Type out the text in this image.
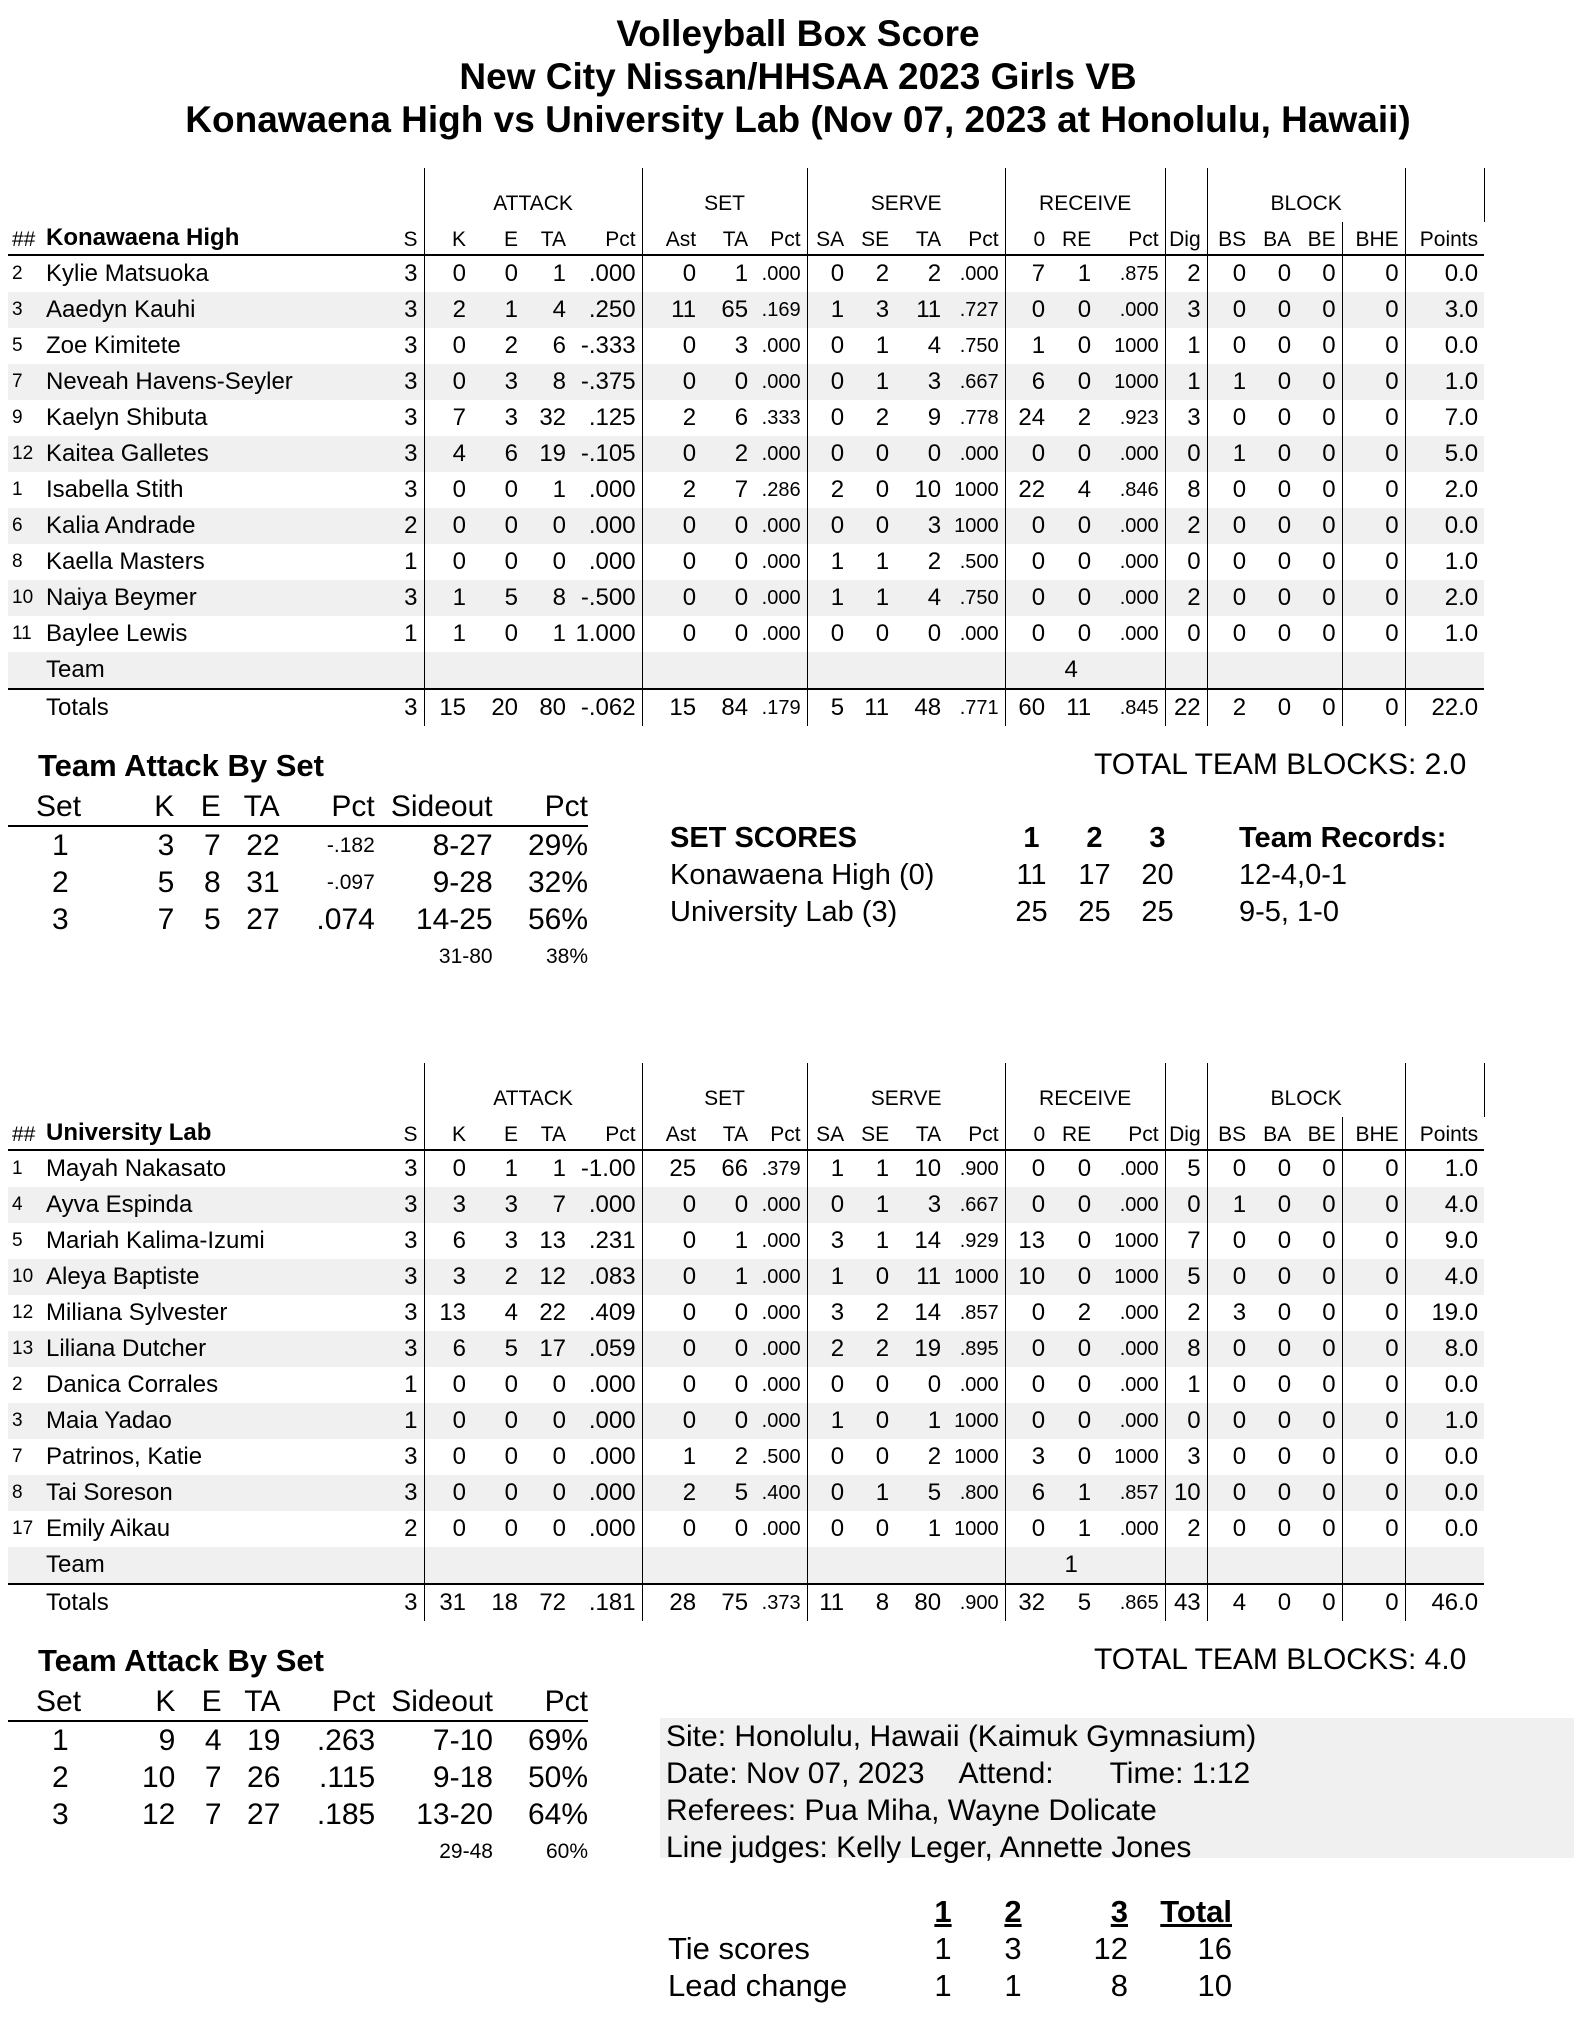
Volleyball Box Score
New City Nissan/HHSAA 2023 Girls VB
Konawaena High vs University Lab (Nov 07, 2023 at Honolulu, Hawaii)
			ATTACK				SET			SERVE				RECEIVE				BLOCK					
##	Konawaena High	S	K	E	TA	Pct	Ast	TA	Pct	SA	SE	TA	Pct	0	RE	Pct	Dig	BS	BA	BE	BHE	Points	
2	Kylie Matsuoka	3	0	0	1	.000	0	1	.000	0	2	2	.000	7	1	.875	2	0	0	0	0	0.0	
3	Aaedyn Kauhi	3	2	1	4	.250	11	65	.169	1	3	11	.727	0	0	.000	3	0	0	0	0	3.0	
5	Zoe Kimitete	3	0	2	6	-.333	0	3	.000	0	1	4	.750	1	0	1000	1	0	0	0	0	0.0	
7	Neveah Havens-Seyler	3	0	3	8	-.375	0	0	.000	0	1	3	.667	6	0	1000	1	1	0	0	0	1.0	
9	Kaelyn Shibuta	3	7	3	32	.125	2	6	.333	0	2	9	.778	24	2	.923	3	0	0	0	0	7.0	
12	Kaitea Galletes	3	4	6	19	-.105	0	2	.000	0	0	0	.000	0	0	.000	0	1	0	0	0	5.0	
1	Isabella Stith	3	0	0	1	.000	2	7	.286	2	0	10	1000	22	4	.846	8	0	0	0	0	2.0	
6	Kalia Andrade	2	0	0	0	.000	0	0	.000	0	0	3	1000	0	0	.000	2	0	0	0	0	0.0	
8	Kaella Masters	1	0	0	0	.000	0	0	.000	1	1	2	.500	0	0	.000	0	0	0	0	0	1.0	
10	Naiya Beymer	3	1	5	8	-.500	0	0	.000	1	1	4	.750	0	0	.000	2	0	0	0	0	2.0	
11	Baylee Lewis	1	1	0	1	1.000	0	0	.000	0	0	0	.000	0	0	.000	0	0	0	0	0	1.0	
	Team														4								
	Totals	3	15	20	80	-.062	15	84	.179	5	11	48	.771	60	11	.845	22	2	0	0	0	22.0	
			ATTACK				SET			SERVE				RECEIVE				BLOCK					
##	University Lab	S	K	E	TA	Pct	Ast	TA	Pct	SA	SE	TA	Pct	0	RE	Pct	Dig	BS	BA	BE	BHE	Points	
1	Mayah Nakasato	3	0	1	1	-1.00	25	66	.379	1	1	10	.900	0	0	.000	5	0	0	0	0	1.0	
4	Ayva Espinda	3	3	3	7	.000	0	0	.000	0	1	3	.667	0	0	.000	0	1	0	0	0	4.0	
5	Mariah Kalima-Izumi	3	6	3	13	.231	0	1	.000	3	1	14	.929	13	0	1000	7	0	0	0	0	9.0	
10	Aleya Baptiste	3	3	2	12	.083	0	1	.000	1	0	11	1000	10	0	1000	5	0	0	0	0	4.0	
12	Miliana Sylvester	3	13	4	22	.409	0	0	.000	3	2	14	.857	0	2	.000	2	3	0	0	0	19.0	
13	Liliana Dutcher	3	6	5	17	.059	0	0	.000	2	2	19	.895	0	0	.000	8	0	0	0	0	8.0	
2	Danica Corrales	1	0	0	0	.000	0	0	.000	0	0	0	.000	0	0	.000	1	0	0	0	0	0.0	
3	Maia Yadao	1	0	0	0	.000	0	0	.000	1	0	1	1000	0	0	.000	0	0	0	0	0	1.0	
7	Patrinos, Katie	3	0	0	0	.000	1	2	.500	0	0	2	1000	3	0	1000	3	0	0	0	0	0.0	
8	Tai Soreson	3	0	0	0	.000	2	5	.400	0	1	5	.800	6	1	.857	10	0	0	0	0	0.0	
17	Emily Aikau	2	0	0	0	.000	0	0	.000	0	0	1	1000	0	1	.000	2	0	0	0	0	0.0	
	Team														1								
	Totals	3	31	18	72	.181	28	75	.373	11	8	80	.900	32	5	.865	43	4	0	0	0	46.0	
Team Attack By Set
Set	K	E	TA	Pct	Sideout	Pct
1	3	7	22	-.182	8-27	29%
2	5	8	31	-.097	9-28	32%
3	7	5	27	.074	14-25	56%
					31-80	38%
TOTAL TEAM BLOCKS: 2.0
SET SCORES	1	2	3	Team Records:
Konawaena High (0)	11	17	20	12-4,0-1
University Lab (3)	25	25	25	9-5, 1-0
Team Attack By Set
Set	K	E	TA	Pct	Sideout	Pct
1	9	4	19	.263	7-10	69%
2	10	7	26	.115	9-18	50%
3	12	7	27	.185	13-20	64%
					29-48	60%
TOTAL TEAM BLOCKS: 4.0
Site: Honolulu, Hawaii (Kaimuk Gymnasium)
Date: Nov 07, 2023 Attend: Time: 1:12
Referees: Pua Miha, Wayne Dolicate
Line judges: Kelly Leger, Annette Jones
	1	2	3	Total
Tie scores	1	3	12	16
Lead change	1	1	8	10
